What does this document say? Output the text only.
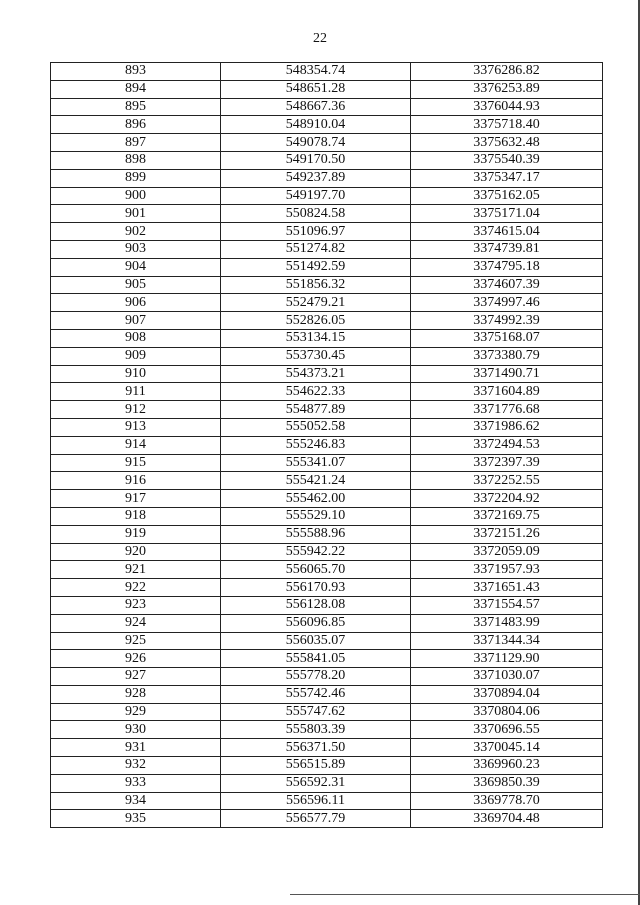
22
893	548354.74	3376286.82
894	548651.28	3376253.89
895	548667.36	3376044.93
896	548910.04	3375718.40
897	549078.74	3375632.48
898	549170.50	3375540.39
899	549237.89	3375347.17
900	549197.70	3375162.05
901	550824.58	3375171.04
902	551096.97	3374615.04
903	551274.82	3374739.81
904	551492.59	3374795.18
905	551856.32	3374607.39
906	552479.21	3374997.46
907	552826.05	3374992.39
908	553134.15	3375168.07
909	553730.45	3373380.79
910	554373.21	3371490.71
911	554622.33	3371604.89
912	554877.89	3371776.68
913	555052.58	3371986.62
914	555246.83	3372494.53
915	555341.07	3372397.39
916	555421.24	3372252.55
917	555462.00	3372204.92
918	555529.10	3372169.75
919	555588.96	3372151.26
920	555942.22	3372059.09
921	556065.70	3371957.93
922	556170.93	3371651.43
923	556128.08	3371554.57
924	556096.85	3371483.99
925	556035.07	3371344.34
926	555841.05	3371129.90
927	555778.20	3371030.07
928	555742.46	3370894.04
929	555747.62	3370804.06
930	555803.39	3370696.55
931	556371.50	3370045.14
932	556515.89	3369960.23
933	556592.31	3369850.39
934	556596.11	3369778.70
935	556577.79	3369704.48
